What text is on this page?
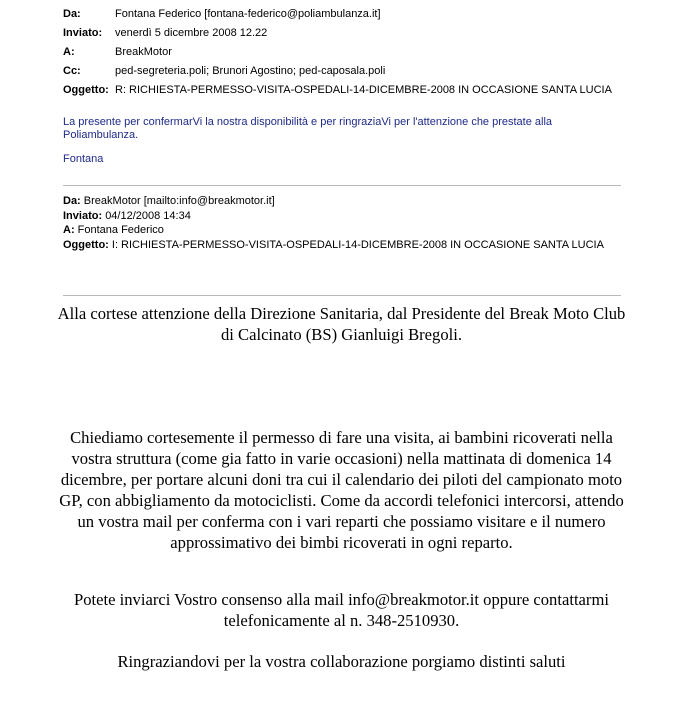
Da:	Fontana Federico [fontana-federico@poliambulanza.it]
Inviato:	venerdì 5 dicembre 2008 12.22
A:	BreakMotor
Cc:	ped-segreteria.poli; Brunori Agostino; ped-caposala.poli
Oggetto:	R: RICHIESTA-PERMESSO-VISITA-OSPEDALI-14-DICEMBRE-2008 IN OCCASIONE SANTA LUCIA

La presente per confermarVi la nostra disponibilità e per ringraziaVi per l'attenzione che prestate alla Poliambulanza.

Fontana

Da: BreakMotor [mailto:info@breakmotor.it]
Inviato: 04/12/2008 14:34
A: Fontana Federico
Oggetto: I: RICHIESTA-PERMESSO-VISITA-OSPEDALI-14-DICEMBRE-2008 IN OCCASIONE SANTA LUCIA

Alla cortese attenzione della Direzione Sanitaria, dal Presidente del Break Moto Club di Calcinato (BS) Gianluigi Bregoli.

Chiediamo cortesemente il permesso di fare una visita, ai bambini ricoverati nella vostra struttura (come gia fatto in varie occasioni) nella mattinata di domenica 14 dicembre, per portare alcuni doni tra cui il calendario dei piloti del campionato moto GP, con abbigliamento da motociclisti. Come da accordi telefonici intercorsi, attendo un vostra mail per conferma con i vari reparti che possiamo visitare e il numero approssimativo dei bimbi ricoverati in ogni reparto.

Potete inviarci Vostro consenso alla mail info@breakmotor.it oppure contattarmi telefonicamente al n. 348-2510930.

Ringraziandovi per la vostra collaborazione porgiamo distinti saluti
